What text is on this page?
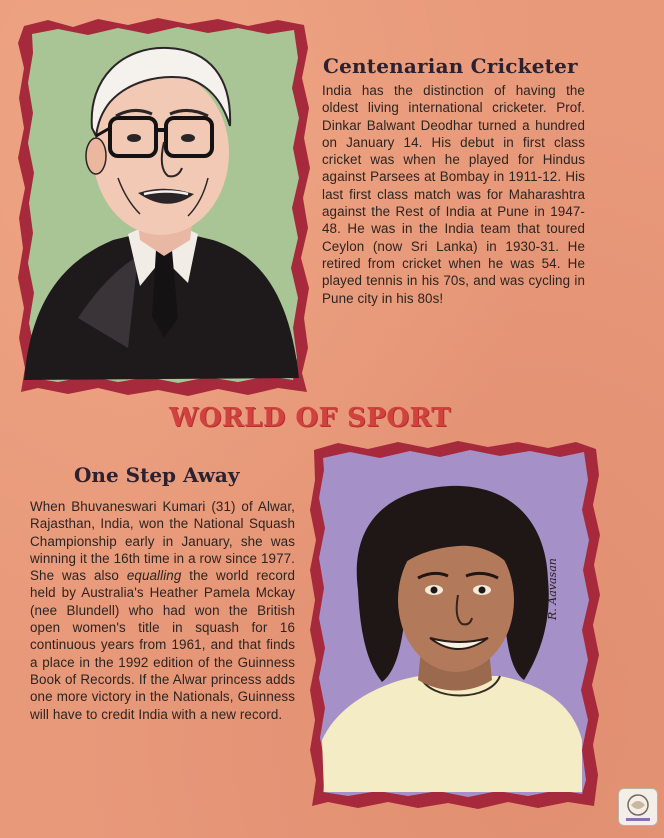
Centenarian Cricketer

India has the distinction of having the oldest living international cricketer. Prof. Dinkar Balwant Deodhar turned a hundred on January 14. His debut in first class cricket was when he played for Hindus against Parsees at Bombay in 1911-12. His last first class match was for Maharashtra against the Rest of India at Pune in 1947-48. He was in the India team that toured Ceylon (now Sri Lanka) in 1930-31. He retired from cricket when he was 54. He played tennis in his 70s, and was cycling in Pune city in his 80s!

WORLD OF SPORT
One Step Away

When Bhuvaneswari Kumari (31) of Alwar, Rajasthan, India, won the National Squash Championship early in January, she was winning it the 16th time in a row since 1977. She was also equalling the world record held by Australia's Heather Pamela Mckay (nee Blundell) who had won the British open women's title in squash for 16 continuous years from 1961, and that finds a place in the 1992 edition of the Guinness Book of Records. If the Alwar princess adds one more victory in the Nationals, Guinness will have to credit India with a new record.

R. Aavasan
